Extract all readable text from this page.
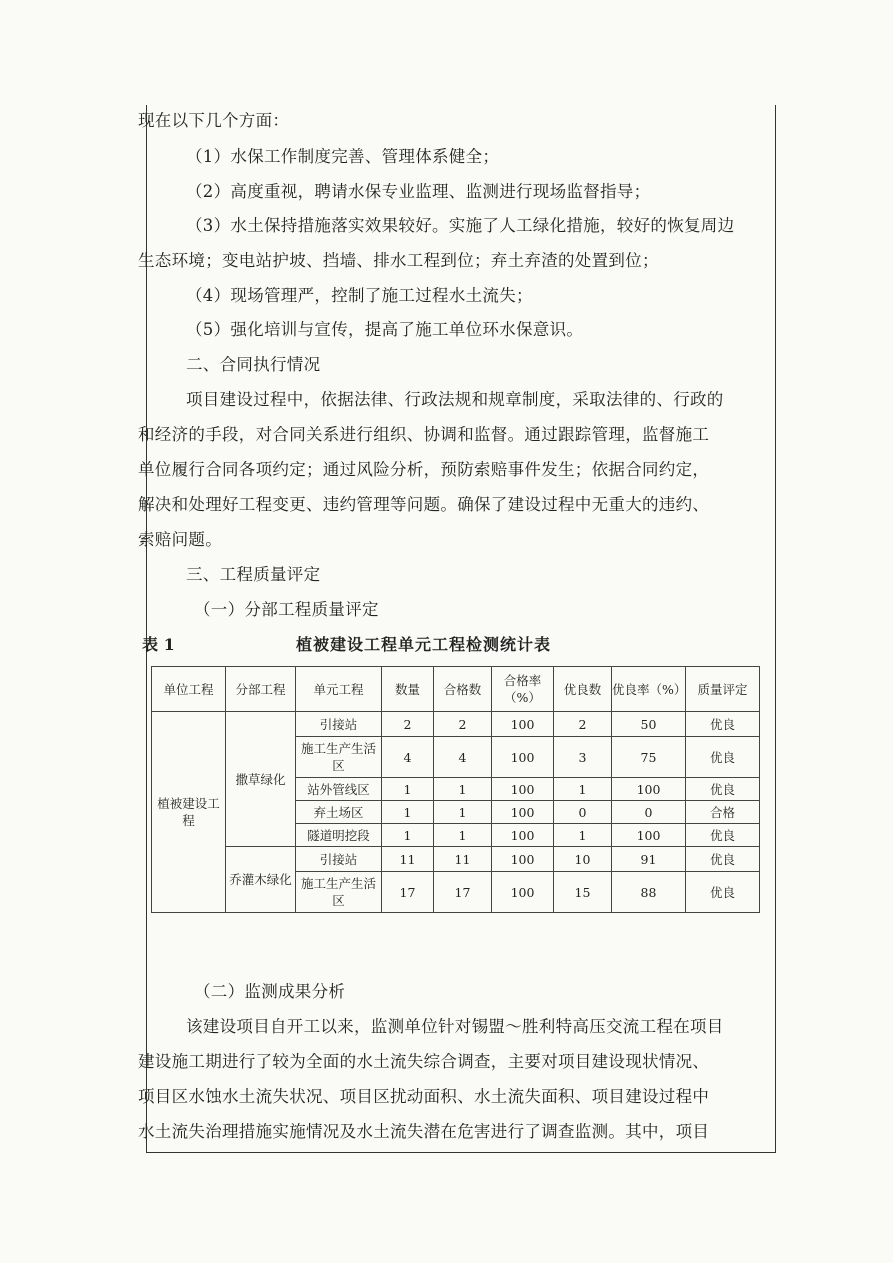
现在以下几个方面：
（1）水保工作制度完善、管理体系健全；
（2）高度重视，聘请水保专业监理、监测进行现场监督指导；
（3）水土保持措施落实效果较好。实施了人工绿化措施，较好的恢复周边
生态环境；变电站护坡、挡墙、排水工程到位；弃土弃渣的处置到位；
（4）现场管理严，控制了施工过程水土流失；
（5）强化培训与宣传，提高了施工单位环水保意识。
二、合同执行情况
项目建设过程中，依据法律、行政法规和规章制度，采取法律的、行政的
和经济的手段，对合同关系进行组织、协调和监督。通过跟踪管理，监督施工
单位履行合同各项约定；通过风险分析，预防索赔事件发生；依据合同约定，
解决和处理好工程变更、违约管理等问题。确保了建设过程中无重大的违约、
索赔问题。
三、工程质量评定
（一）分部工程质量评定
表 1	植被建设工程单元工程检测统计表
单位工程	分部工程	单元工程	数量	合格数	合格率（%）	优良数	优良率（%）	质量评定
植被建设工程	撒草绿化	引接站	2	2	100	2	50	优良
		施工生产生活区	4	4	100	3	75	优良
		站外管线区	1	1	100	1	100	优良
		弃土场区	1	1	100	0	0	合格
		隧道明挖段	1	1	100	1	100	优良
	乔灌木绿化	引接站	11	11	100	10	91	优良
		施工生产生活区	17	17	100	15	88	优良
（二）监测成果分析
该建设项目自开工以来，监测单位针对锡盟～胜利特高压交流工程在项目
建设施工期进行了较为全面的水土流失综合调查，主要对项目建设现状情况、
项目区水蚀水土流失状况、项目区扰动面积、水土流失面积、项目建设过程中
水土流失治理措施实施情况及水土流失潜在危害进行了调查监测。其中，项目
